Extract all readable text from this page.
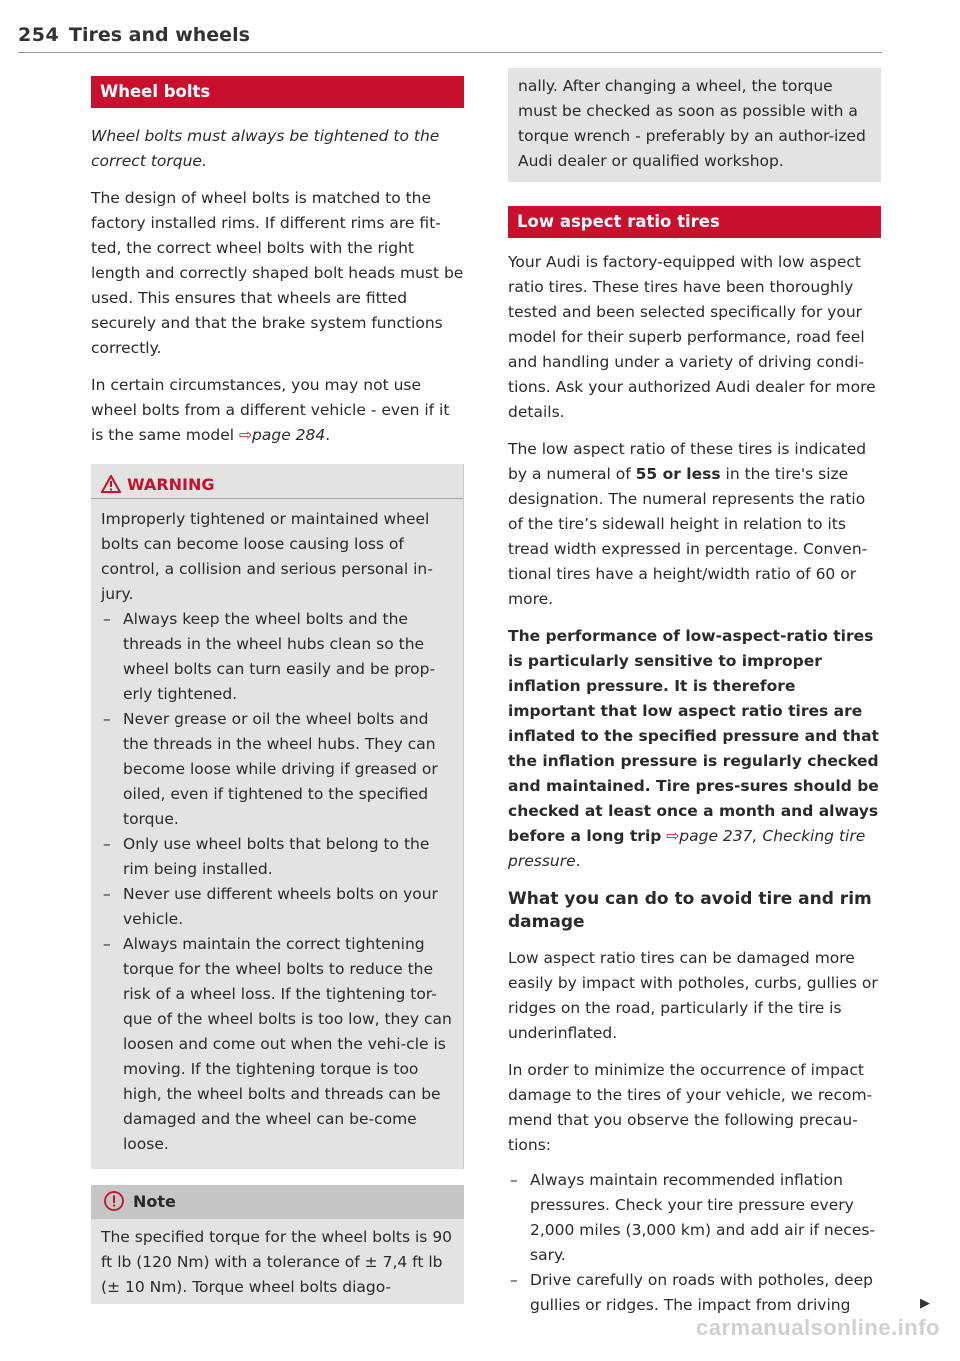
254 Tires and wheels
Wheel bolts

Wheel bolts must always be tightened to the correct torque.

The design of wheel bolts is matched to the factory installed rims. If different rims are fit-ted, the correct wheel bolts with the right length and correctly shaped bolt heads must be used. This ensures that wheels are fitted securely and that the brake system functions correctly.

In certain circumstances, you may not use wheel bolts from a different vehicle - even if it is the same model ⇨page 284.

WARNING

Improperly tightened or maintained wheel bolts can become loose causing loss of control, a collision and serious personal in-jury.

– Always keep the wheel bolts and the threads in the wheel hubs clean so the wheel bolts can turn easily and be prop-erly tightened.
– Never grease or oil the wheel bolts and the threads in the wheel hubs. They can become loose while driving if greased or oiled, even if tightened to the specified torque.
– Only use wheel bolts that belong to the rim being installed.
– Never use different wheels bolts on your vehicle.
– Always maintain the correct tightening torque for the wheel bolts to reduce the risk of a wheel loss. If the tightening tor-que of the wheel bolts is too low, they can loosen and come out when the vehi-cle is moving. If the tightening torque is too high, the wheel bolts and threads can be damaged and the wheel can be-come loose.
Note

The specified torque for the wheel bolts is 90 ft lb (120 Nm) with a tolerance of ± 7,4 ft lb (± 10 Nm). Torque wheel bolts diago-

nally. After changing a wheel, the torque must be checked as soon as possible with a torque wrench - preferably by an author-ized Audi dealer or qualified workshop.

Low aspect ratio tires

Your Audi is factory-equipped with low aspect ratio tires. These tires have been thoroughly tested and been selected specifically for your model for their superb performance, road feel and handling under a variety of driving condi-tions. Ask your authorized Audi dealer for more details.

The low aspect ratio of these tires is indicated by a numeral of 55 or less in the tire's size designation. The numeral represents the ratio of the tire’s sidewall height in relation to its tread width expressed in percentage. Conven-tional tires have a height/width ratio of 60 or more.

The performance of low-aspect-ratio tires is particularly sensitive to improper inflation pressure. It is therefore important that low aspect ratio tires are inflated to the specified pressure and that the inflation pressure is regularly checked and maintained. Tire pres-sures should be checked at least once a month and always before a long trip ⇨page 237, Checking tire pressure.

What you can do to avoid tire and rim damage

Low aspect ratio tires can be damaged more easily by impact with potholes, curbs, gullies or ridges on the road, particularly if the tire is underinflated.

In order to minimize the occurrence of impact damage to the tires of your vehicle, we recom-mend that you observe the following precau-tions:

– Always maintain recommended inflation pressures. Check your tire pressure every 2,000 miles (3,000 km) and add air if neces-sary.
– Drive carefully on roads with potholes, deep gullies or ridges. The impact from driving	▶
carmanualsonline.info
